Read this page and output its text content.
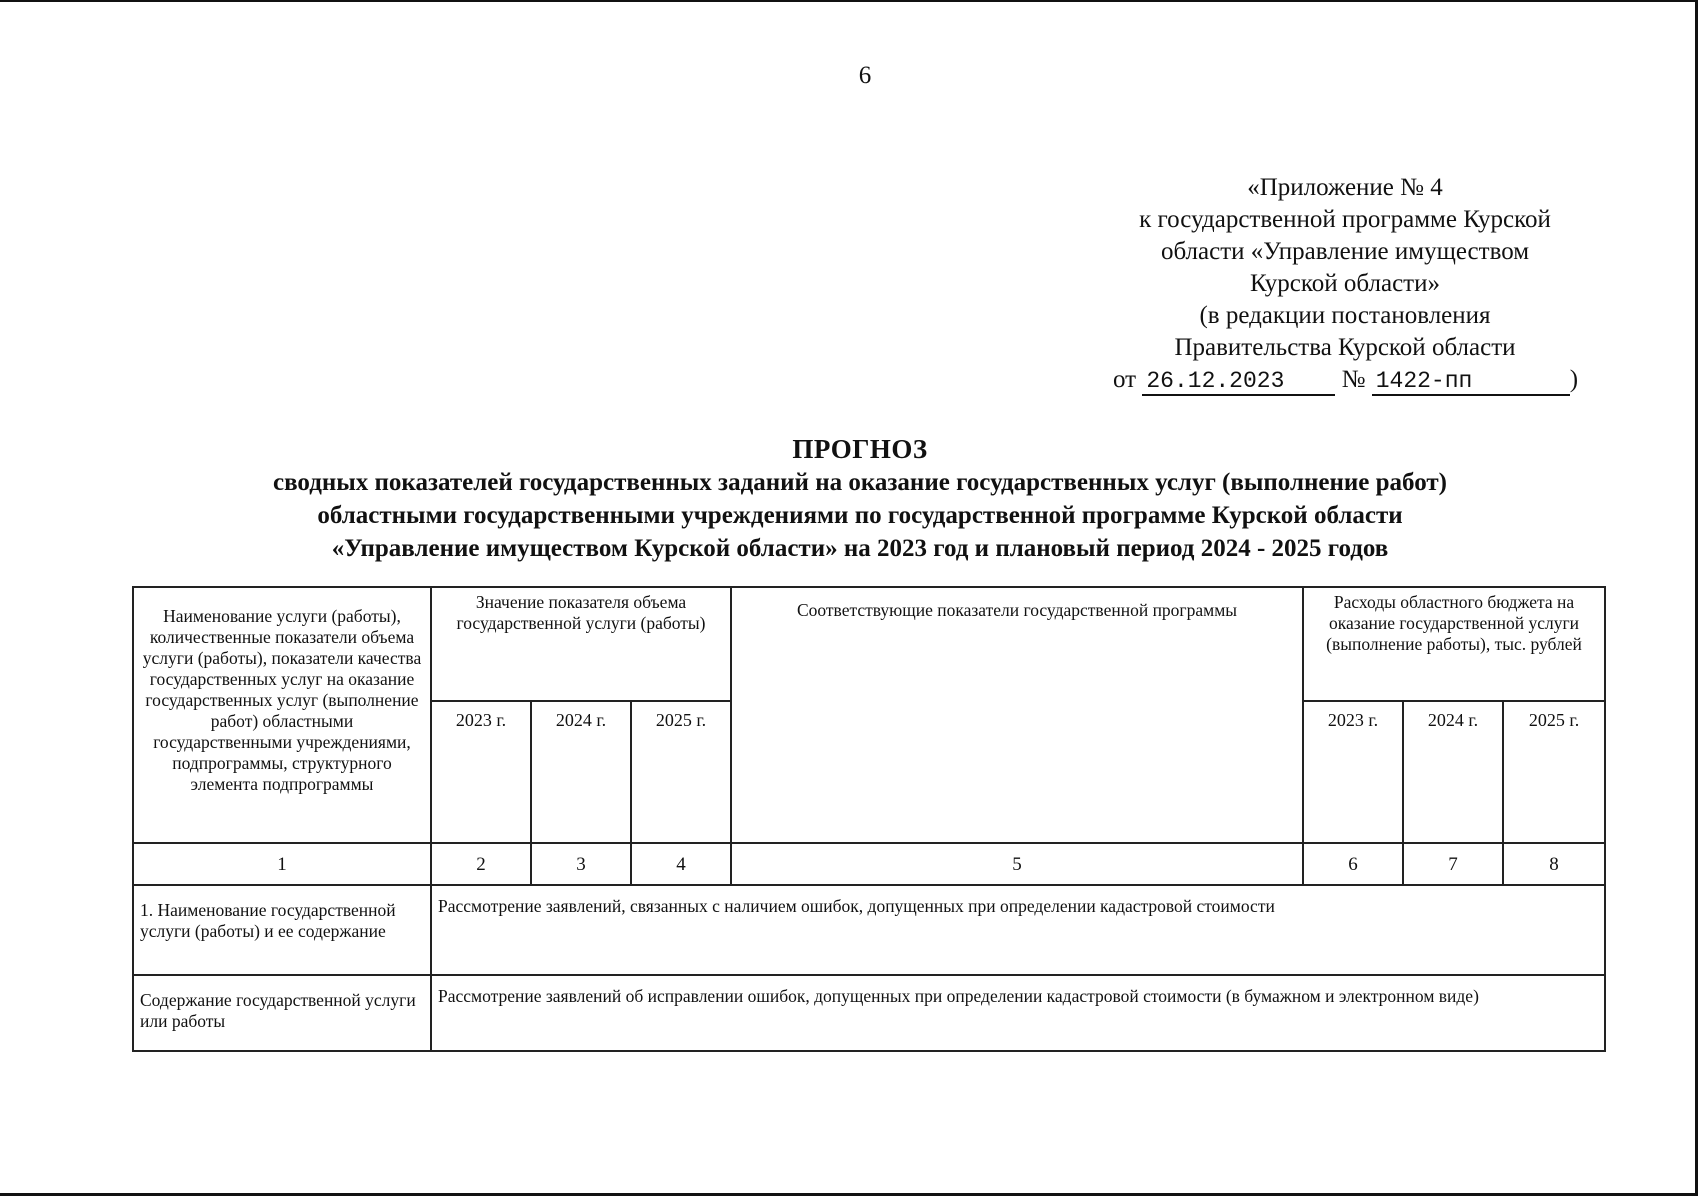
6
«Приложение № 4
к государственной программе Курской
области «Управление имуществом
Курской области»
(в редакции постановления
Правительства Курской области
от 26.12.2023 № 1422-пп	)
ПРОГНОЗ
сводных показателей государственных заданий на оказание государственных услуг (выполнение работ)
областными государственными учреждениями по государственной программе Курской области
«Управление имуществом Курской области» на 2023 год и плановый период 2024 - 2025 годов
Наименование услуги (работы), количественные показатели объема услуги (работы), показатели качества государственных услуг на оказание государственных услуг (выполнение работ) областными государственными учреждениями, подпрограммы, структурного элемента подпрограммы	Значение показателя объема государственной услуги (работы)			Соответствующие показатели государственной программы	Расходы областного бюджета на оказание государственной услуги (выполнение работы), тыс. рублей		
	2023 г.	2024 г.	2025 г.		2023 г.	2024 г.	2025 г.
1	2	3	4	5	6	7	8
1. Наименование государственной услуги (работы) и ее содержание	Рассмотрение заявлений, связанных с наличием ошибок, допущенных при определении кадастровой стоимости						
Содержание государственной услуги или работы	Рассмотрение заявлений об исправлении ошибок, допущенных при определении кадастровой стоимости (в бумажном и электронном виде)						
